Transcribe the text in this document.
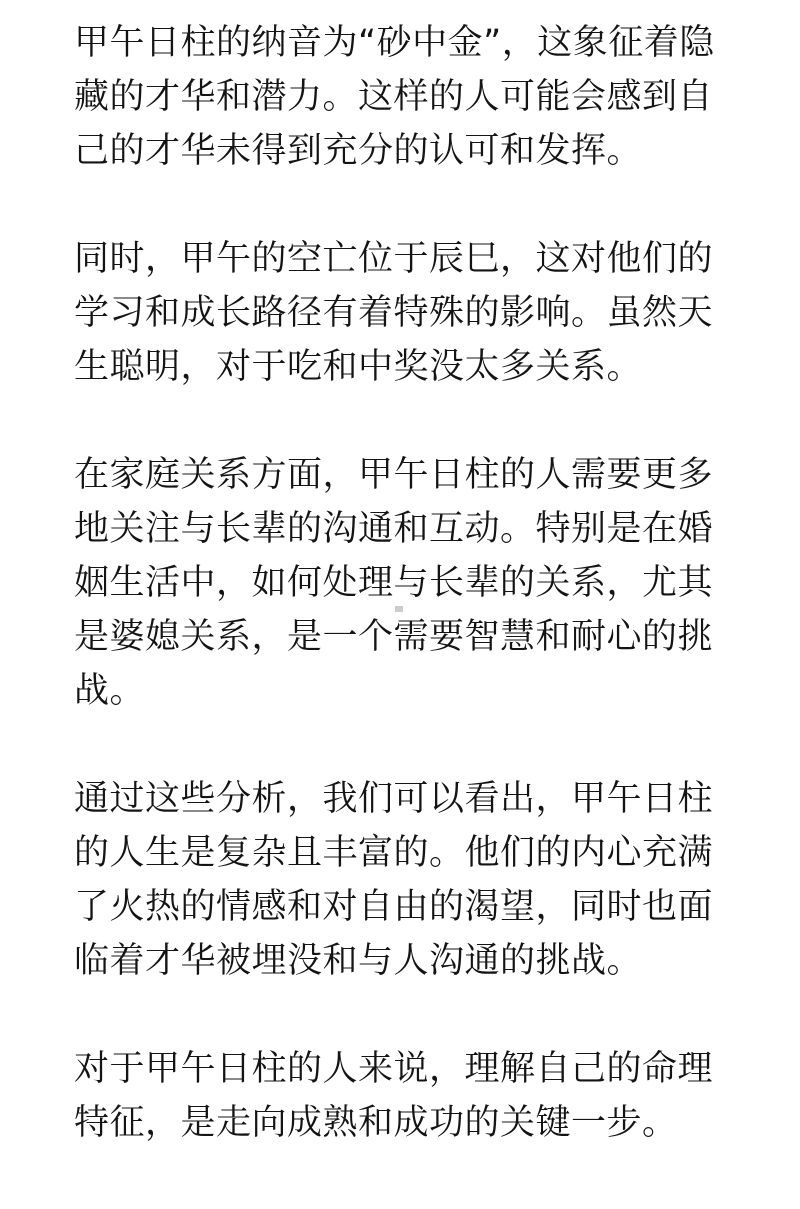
甲午日柱的纳音为“砂中金”，这象征着隐藏的才华和潜力。这样的人可能会感到自己的才华未得到充分的认可和发挥。

同时，甲午的空亡位于辰巳，这对他们的学习和成长路径有着特殊的影响。虽然天生聪明，对于吃和中奖没太多关系。

在家庭关系方面，甲午日柱的人需要更多地关注与长辈的沟通和互动。特别是在婚姻生活中，如何处理与长辈的关系，尤其是婆媳关系，是一个需要智慧和耐心的挑战。

通过这些分析，我们可以看出，甲午日柱的人生是复杂且丰富的。他们的内心充满了火热的情感和对自由的渴望，同时也面临着才华被埋没和与人沟通的挑战。

对于甲午日柱的人来说，理解自己的命理特征，是走向成熟和成功的关键一步。
